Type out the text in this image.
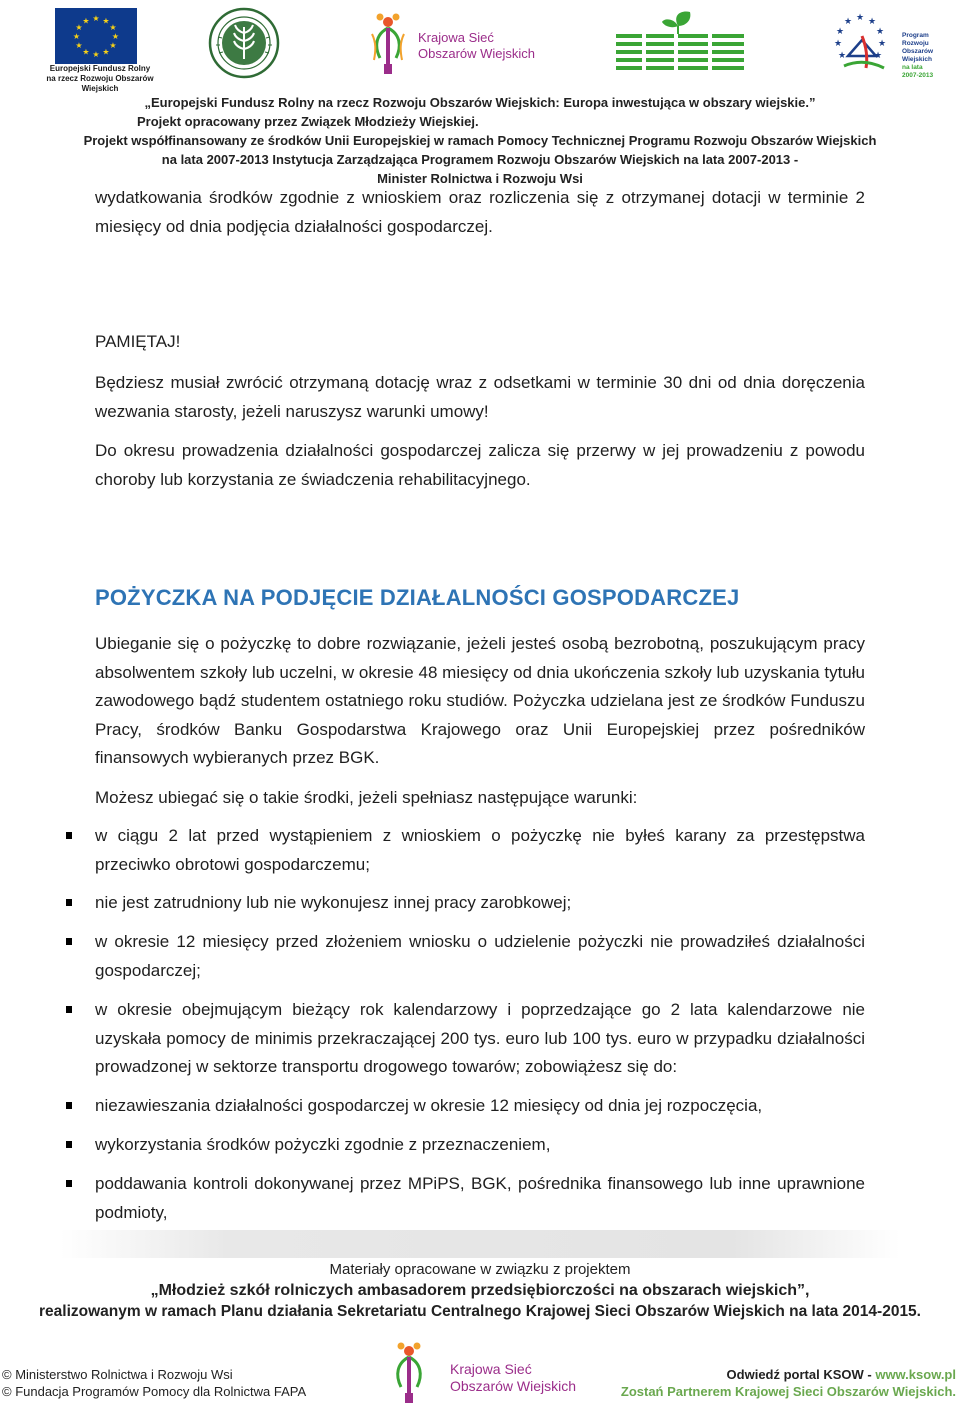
★ ★
★
★
★
★
★
★
★
★
★
★
Europejski Fundusz Rolny
na rzecz Rozwoju Obszarów Wiejskich
Krajowa Sieć
Obszarów Wiejskich	FAPA
★ ★
★
★
★
★
★
★	★
Program
Rozwoju
Obszarów
Wiejskich
na lata 2007-2013
„Europejski Fundusz Rolny na rzecz Rozwoju Obszarów Wiejskich: Europa inwestująca w obszary wiejskie.”
Projekt opracowany przez Związek Młodzieży Wiejskiej.
Projekt współfinansowany ze środków Unii Europejskiej w ramach Pomocy Technicznej Programu Rozwoju Obszarów Wiejskich
na lata 2007-2013 Instytucja Zarządzająca Programem Rozwoju Obszarów Wiejskich na lata 2007-2013 -
Minister Rolnictwa i Rozwoju Wsi

wydatkowania środków zgodnie z wnioskiem oraz rozliczenia się z otrzymanej dotacji w terminie 2 miesięcy od dnia podjęcia działalności gospodarczej.

PAMIĘTAJ!

Będziesz musiał zwrócić otrzymaną dotację wraz z odsetkami w terminie 30 dni od dnia doręczenia wezwania starosty, jeżeli naruszysz warunki umowy!

Do okresu prowadzenia działalności gospodarczej zalicza się przerwy w jej prowadzeniu z powodu choroby lub korzystania ze świadczenia rehabilitacyjnego.

POŻYCZKA NA PODJĘCIE DZIAŁALNOŚCI GOSPODARCZEJ

Ubieganie się o pożyczkę to dobre rozwiązanie, jeżeli jesteś osobą bezrobotną, poszukującym pracy absolwentem szkoły lub uczelni, w okresie 48 miesięcy od dnia ukończenia szkoły lub uzyskania tytułu zawodowego bądź studentem ostatniego roku studiów. Pożyczka udzielana jest ze środków Funduszu Pracy, środków Banku Gospodarstwa Krajowego oraz Unii Europejskiej przez pośredników finansowych wybieranych przez BGK.

Możesz ubiegać się o takie środki, jeżeli spełniasz następujące warunki:

w ciągu 2 lat przed wystąpieniem z wnioskiem o pożyczkę nie byłeś karany za przestępstwa przeciwko obrotowi gospodarczemu;
nie jest zatrudniony lub nie wykonujesz innej pracy zarobkowej;
w okresie 12 miesięcy przed złożeniem wniosku o udzielenie pożyczki nie prowadziłeś działalności gospodarczej;
w okresie obejmującym bieżący rok kalendarzowy i poprzedzające go 2 lata kalendarzowe nie uzyskała pomocy de minimis przekraczającej 200 tys. euro lub 100 tys. euro w przypadku działalności prowadzonej w sektorze transportu drogowego towarów; zobowiążesz się do:
niezawieszania działalności gospodarczej w okresie 12 miesięcy od dnia jej rozpoczęcia,
wykorzystania środków pożyczki zgodnie z przeznaczeniem,
poddawania kontroli dokonywanej przez MPiPS, BGK, pośrednika finansowego lub inne uprawnione podmioty,
Materiały opracowane w związku z projektem
„Młodzież szkół rolniczych ambasadorem przedsiębiorczości na obszarach wiejskich”,
realizowanym w ramach Planu działania Sekretariatu Centralnego Krajowej Sieci Obszarów Wiejskich na lata 2014-2015.
Krajowa Sieć
Obszarów Wiejskich
© Ministerstwo Rolnictwa i Rozwoju Wsi
© Fundacja Programów Pomocy dla Rolnictwa FAPA
Odwiedź portal KSOW - www.ksow.pl
Zostań Partnerem Krajowej Sieci Obszarów Wiejskich.
